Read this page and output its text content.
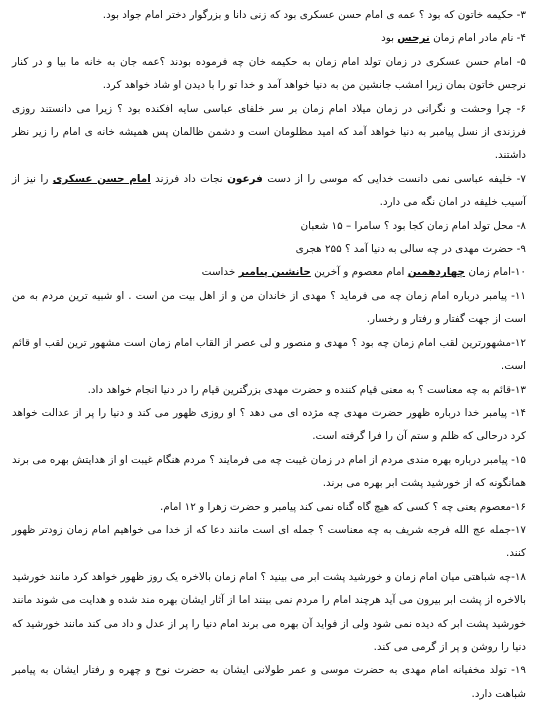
۳- حکیمه خاتون که بود ؟ عمه ی امام حسن عسکری بود که زنی دانا و بزرگوار دختر امام جواد بود.

۴- نام مادر امام زمان نرجس بود

۵- امام حسن عسکری در زمان تولد امام زمان به حکیمه خان چه فرموده بودند ؟عمه جان به خانه ما بیا و در کنار نرجس خاتون بمان زیرا امشب جانشین من به دنیا خواهد آمد و خدا تو را با دیدن او شاد خواهد کرد.

۶- چرا وحشت و نگرانی در زمان میلاد امام زمان بر سر خلفای عباسی سایه افکنده بود ؟ زیرا می دانستند روزی فرزندی از نسل پیامبر به دنیا خواهد آمد که امید مظلومان است و دشمن ظالمان پس همیشه خانه ی امام را زیر نظر داشتند.

۷- خلیفه عباسی نمی دانست خدایی که موسی را از دست فرعون نجات داد فرزند امام حسن عسکری را نیز از آسیب خلیفه در امان نگه می دارد.

۸- محل تولد امام زمان کجا بود ؟ سامرا – ۱۵ شعبان

۹- حضرت مهدی در چه سالی به دنیا آمد ؟ ۲۵۵ هجری

۱۰-امام زمان چهاردهمین امام معصوم و آخرین جانشین پیامبر خداست

۱۱- پیامبر درباره امام زمان چه می فرماید ؟ مهدی از خاندان من و از اهل بیت من است . او شبیه ترین مردم به من است از جهت گفتار و رفتار و رخسار.

۱۲-مشهورترین لقب امام زمان چه بود ؟ مهدی و منصور و لی عصر از القاب امام زمان است مشهور ترین لقب او قائم است.

۱۳-قائم به چه معناست ؟ به معنی قیام کننده و حضرت مهدی بزرگترین قیام را در دنیا انجام خواهد داد.

۱۴- پیامبر خدا درباره ظهور حضرت مهدی چه مژده ای می دهد ؟ او روزی ظهور می کند و دنیا را پر از عدالت خواهد کرد درحالی که ظلم و ستم آن را فرا گرفته است.

۱۵- پیامبر درباره بهره مندی مردم از امام در زمان غیبت چه می فرمایند ؟ مردم هنگام غیبت او از هدایتش بهره می برند همانگونه که از خورشید پشت ابر بهره می برند.

۱۶-معصوم یعنی چه ؟ کسی که هیچ گاه گناه نمی کند پیامبر و حضرت زهرا و ۱۲ امام.

۱۷-جمله عج الله فرجه شریف به چه معناست ؟ جمله ای است مانند دعا که از خدا می خواهیم امام زمان زودتر ظهور کنند.

۱۸-چه شباهتی میان امام زمان و خورشید پشت ابر می بینید ؟ امام زمان بالاخره یک روز ظهور خواهد کرد مانند خورشید بالاخره از پشت ابر بیرون می آید هرچند امام را مردم نمی بینند اما از آثار ایشان بهره مند شده و هدایت می شوند مانند خورشید پشت ابر که دیده نمی شود ولی از فواید آن بهره می برند امام دنیا را پر از عدل و داد می کند مانند خورشید که دنیا را روشن و پر از گرمی می کند.

۱۹- تولد مخفیانه امام مهدی به حضرت موسی و عمر طولانی ایشان به حضرت نوح و چهره و رفتار ایشان به پیامبر شباهت دارد.
